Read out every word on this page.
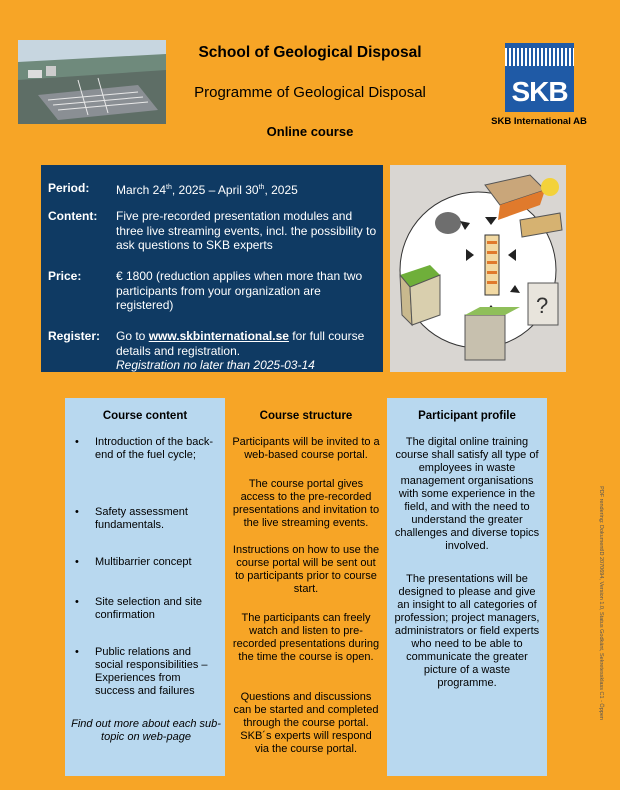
School of Geological Disposal
Programme of Geological Disposal
Online course
SKB
SKB International AB
Period: March 24th, 2025 – April 30th, 2025
Content: Five pre-recorded presentation modules and three live streaming events, incl. the possibility to ask questions to SKB experts
Price:	€ 1800 (reduction applies when more than two participants from your organization are registered)
Register: Go to www.skbinternational.se for full course details and registration.
Registration no later than 2025-03-14
?
Course content
• Introduction of the back-end of the fuel cycle;
• Safety assessment fundamentals.
• Multibarrier concept
• Site selection and site confirmation
• Public relations and social responsibilities – Experiences from success and failures
Find out more about each sub-topic on web-page
Course structure

Participants will be invited to a web-based course portal.

The course portal gives access to the pre-recorded presentations and invitation to the live streaming events.

Instructions on how to use the course portal will be sent out to participants prior to course start.

The participants can freely watch and listen to pre-recorded presentations during the time the course is open.

Questions and discussions can be started and completed through the course portal. SKB´s experts will respond via the course portal.

Participant profile

The digital online training course shall satisfy all type of employees in waste management organisations with some experience in the field, and with the need to understand the greater challenges and diverse topics involved.

The presentations will be designed to please and give an insight to all categories of profession; project managers, administrators or field experts who need to be able to communicate the greater picture of a waste programme.	PDF rendering: DokumentID 2070694, Version 1.0, Status Godkänt, Sekretessklass C1 - Öppen
